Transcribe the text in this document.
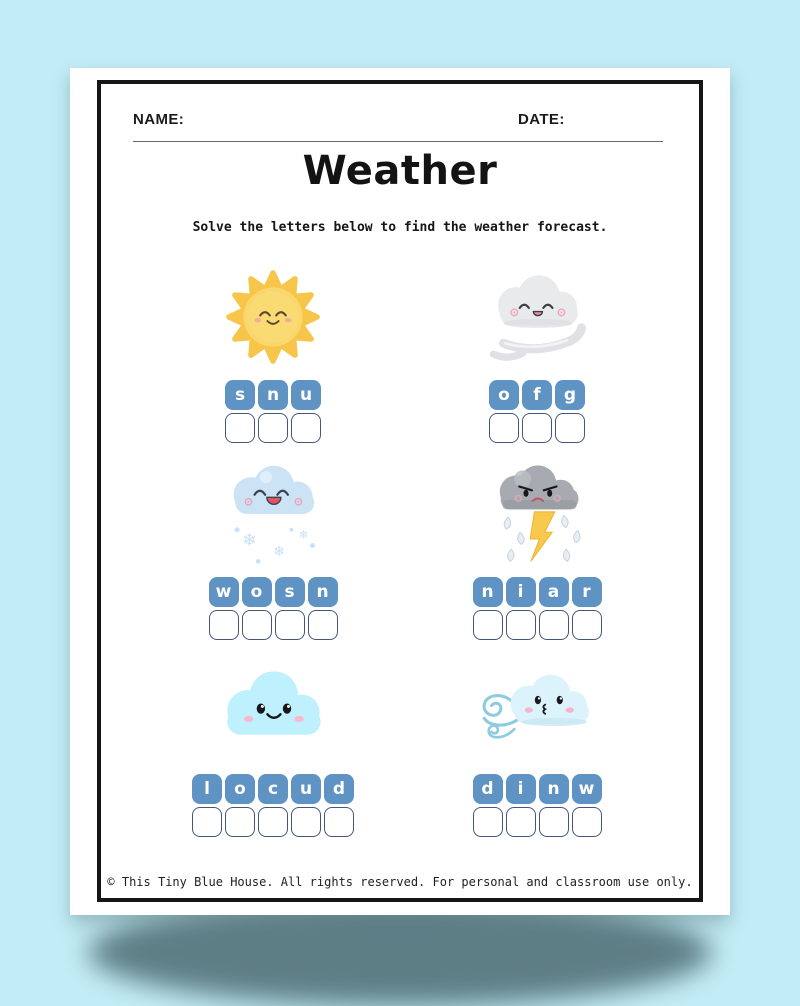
NAME:	DATE:
Weather
Solve the letters below to find the weather forecast.
s	n	u	o	f	g
❄
❄
❄
w	o	s	n	n	i	a	r
l	o	c	u	d	d	i	n	w
© This Tiny Blue House. All rights reserved. For personal and classroom use only.
